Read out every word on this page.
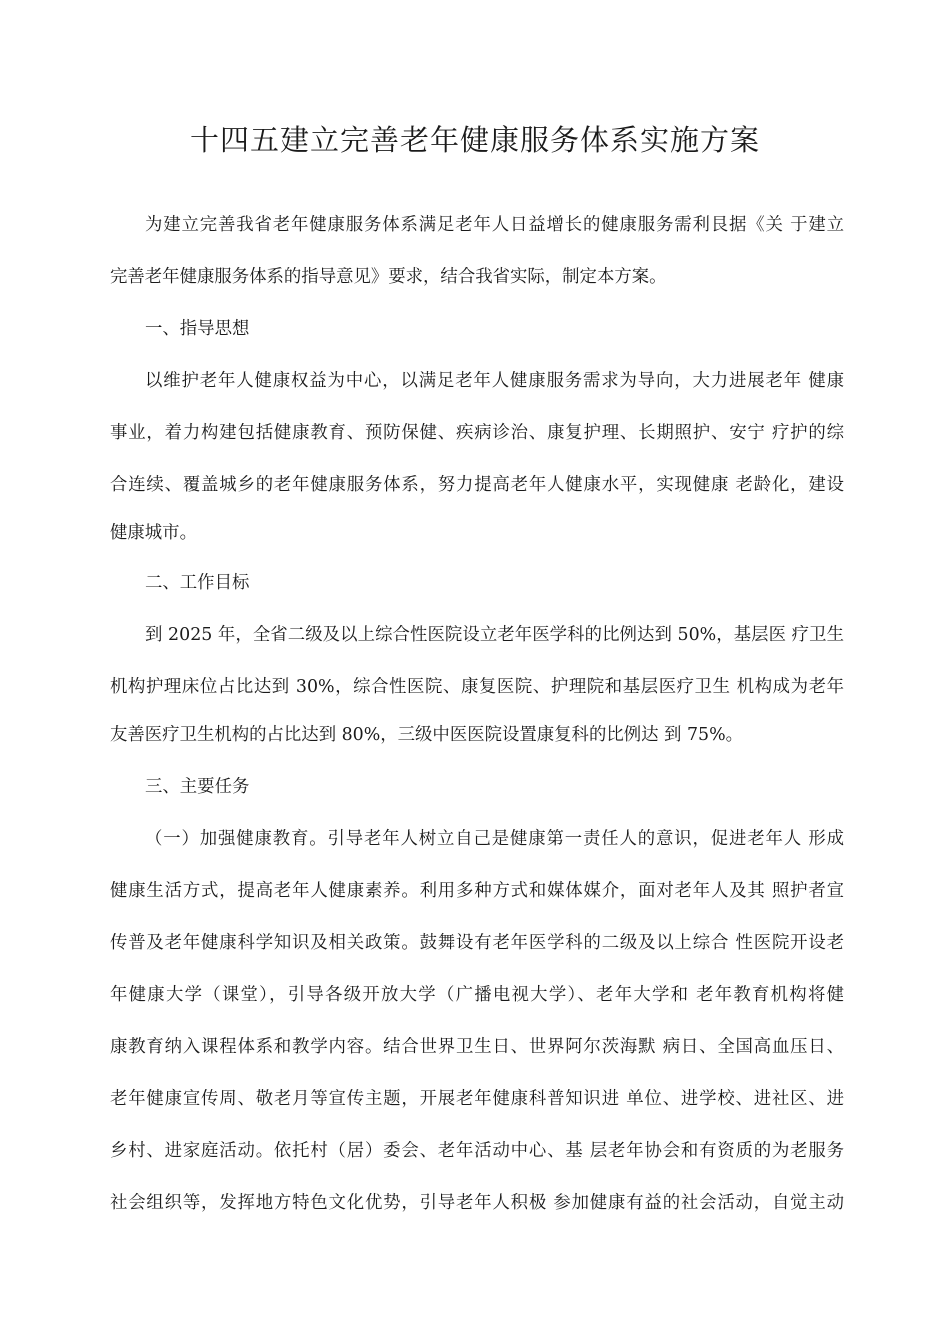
十四五建立完善老年健康服务体系实施方案

为建立完善我省老年健康服务体系满足老年人日益增长的健康服务需利艮据《关 于建立

完善老年健康服务体系的指导意见》要求，结合我省实际，制定本方案。

一、指导思想

以维护老年人健康权益为中心，以满足老年人健康服务需求为导向，大力进展老年 健康

事业，着力构建包括健康教育、预防保健、疾病诊治、康复护理、长期照护、安宁 疗护的综

合连续、覆盖城乡的老年健康服务体系，努力提高老年人健康水平，实现健康 老龄化，建设

健康城市。

二、工作目标

到 2025 年，全省二级及以上综合性医院设立老年医学科的比例达到 50%，基层医 疗卫生

机构护理床位占比达到 30%，综合性医院、康复医院、护理院和基层医疗卫生 机构成为老年

友善医疗卫生机构的占比达到 80%，三级中医医院设置康复科的比例达 到 75%。

三、主要任务

（一）加强健康教育。引导老年人树立自己是健康第一责任人的意识，促进老年人 形成

健康生活方式，提高老年人健康素养。利用多种方式和媒体媒介，面对老年人及其 照护者宣

传普及老年健康科学知识及相关政策。鼓舞设有老年医学科的二级及以上综合 性医院开设老

年健康大学（课堂），引导各级开放大学（广播电视大学）、老年大学和 老年教育机构将健

康教育纳入课程体系和教学内容。结合世界卫生日、世界阿尔茨海默 病日、全国高血压日、

老年健康宣传周、敬老月等宣传主题，开展老年健康科普知识进 单位、进学校、进社区、进

乡村、进家庭活动。依托村（居）委会、老年活动中心、基 层老年协会和有资质的为老服务

社会组织等，发挥地方特色文化优势，引导老年人积极 参加健康有益的社会活动，自觉主动
